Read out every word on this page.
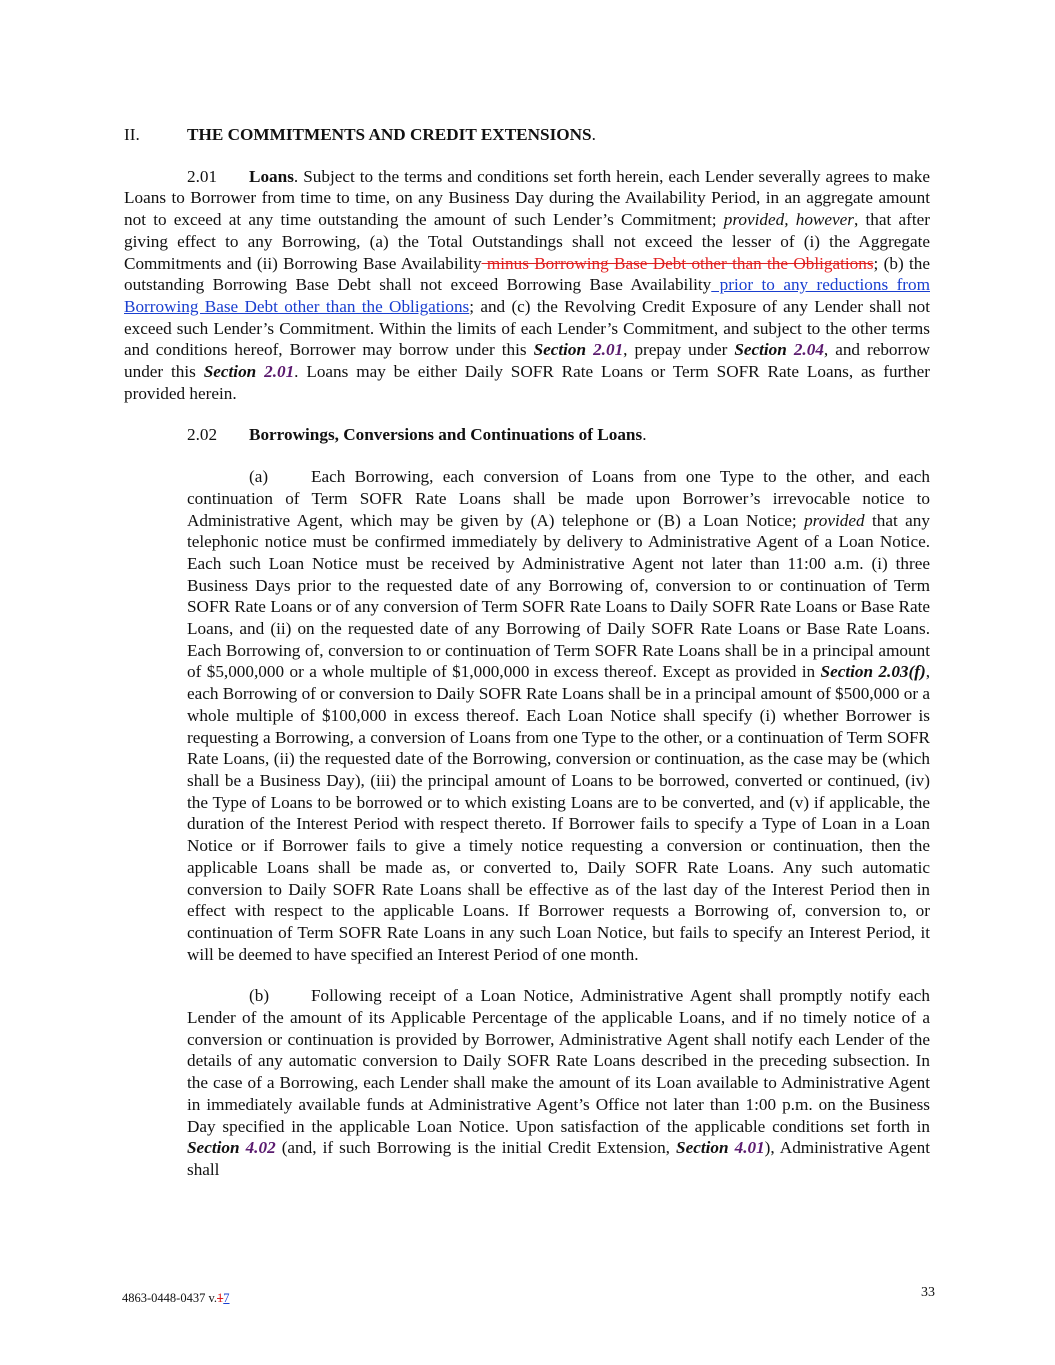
II.	THE COMMITMENTS AND CREDIT EXTENSIONS.

2.01 Loans. Subject to the terms and conditions set forth herein, each Lender severally agrees to make Loans to Borrower from time to time, on any Business Day during the Availability Period, in an aggregate amount not to exceed at any time outstanding the amount of such Lender’s Commitment; provided, however, that after giving effect to any Borrowing, (a) the Total Outstandings shall not exceed the lesser of (i) the Aggregate Commitments and (ii) Borrowing Base Availability minus Borrowing Base Debt other than the Obligations; (b) the outstanding Borrowing Base Debt shall not exceed Borrowing Base Availability prior to any reductions from Borrowing Base Debt other than the Obligations; and (c) the Revolving Credit Exposure of any Lender shall not exceed such Lender’s Commitment. Within the limits of each Lender’s Commitment, and subject to the other terms and conditions hereof, Borrower may borrow under this Section 2.01, prepay under Section 2.04, and reborrow under this Section 2.01. Loans may be either Daily SOFR Rate Loans or Term SOFR Rate Loans, as further provided herein.

2.02 Borrowings, Conversions and Continuations of Loans.

(a) Each Borrowing, each conversion of Loans from one Type to the other, and each continuation of Term SOFR Rate Loans shall be made upon Borrower’s irrevocable notice to Administrative Agent, which may be given by (A) telephone or (B) a Loan Notice; provided that any telephonic notice must be confirmed immediately by delivery to Administrative Agent of a Loan Notice. Each such Loan Notice must be received by Administrative Agent not later than 11:00 a.m. (i) three Business Days prior to the requested date of any Borrowing of, conversion to or continuation of Term SOFR Rate Loans or of any conversion of Term SOFR Rate Loans to Daily SOFR Rate Loans or Base Rate Loans, and (ii) on the requested date of any Borrowing of Daily SOFR Rate Loans or Base Rate Loans. Each Borrowing of, conversion to or continuation of Term SOFR Rate Loans shall be in a principal amount of $5,000,000 or a whole multiple of $1,000,000 in excess thereof. Except as provided in Section 2.03(f), each Borrowing of or conversion to Daily SOFR Rate Loans shall be in a principal amount of $500,000 or a whole multiple of $100,000 in excess thereof. Each Loan Notice shall specify (i) whether Borrower is requesting a Borrowing, a conversion of Loans from one Type to the other, or a continuation of Term SOFR Rate Loans, (ii) the requested date of the Borrowing, conversion or continuation, as the case may be (which shall be a Business Day), (iii) the principal amount of Loans to be borrowed, converted or continued, (iv) the Type of Loans to be borrowed or to which existing Loans are to be converted, and (v) if applicable, the duration of the Interest Period with respect thereto. If Borrower fails to specify a Type of Loan in a Loan Notice or if Borrower fails to give a timely notice requesting a conversion or continuation, then the applicable Loans shall be made as, or converted to, Daily SOFR Rate Loans. Any such automatic conversion to Daily SOFR Rate Loans shall be effective as of the last day of the Interest Period then in effect with respect to the applicable Loans. If Borrower requests a Borrowing of, conversion to, or continuation of Term SOFR Rate Loans in any such Loan Notice, but fails to specify an Interest Period, it will be deemed to have specified an Interest Period of one month.

(b) Following receipt of a Loan Notice, Administrative Agent shall promptly notify each Lender of the amount of its Applicable Percentage of the applicable Loans, and if no timely notice of a conversion or continuation is provided by Borrower, Administrative Agent shall notify each Lender of the details of any automatic conversion to Daily SOFR Rate Loans described in the preceding subsection. In the case of a Borrowing, each Lender shall make the amount of its Loan available to Administrative Agent in immediately available funds at Administrative Agent’s Office not later than 1:00 p.m. on the Business Day specified in the applicable Loan Notice. Upon satisfaction of the applicable conditions set forth in Section 4.02 (and, if such Borrowing is the initial Credit Extension, Section 4.01), Administrative Agent shall

4863-0448-0437 v.17	33
